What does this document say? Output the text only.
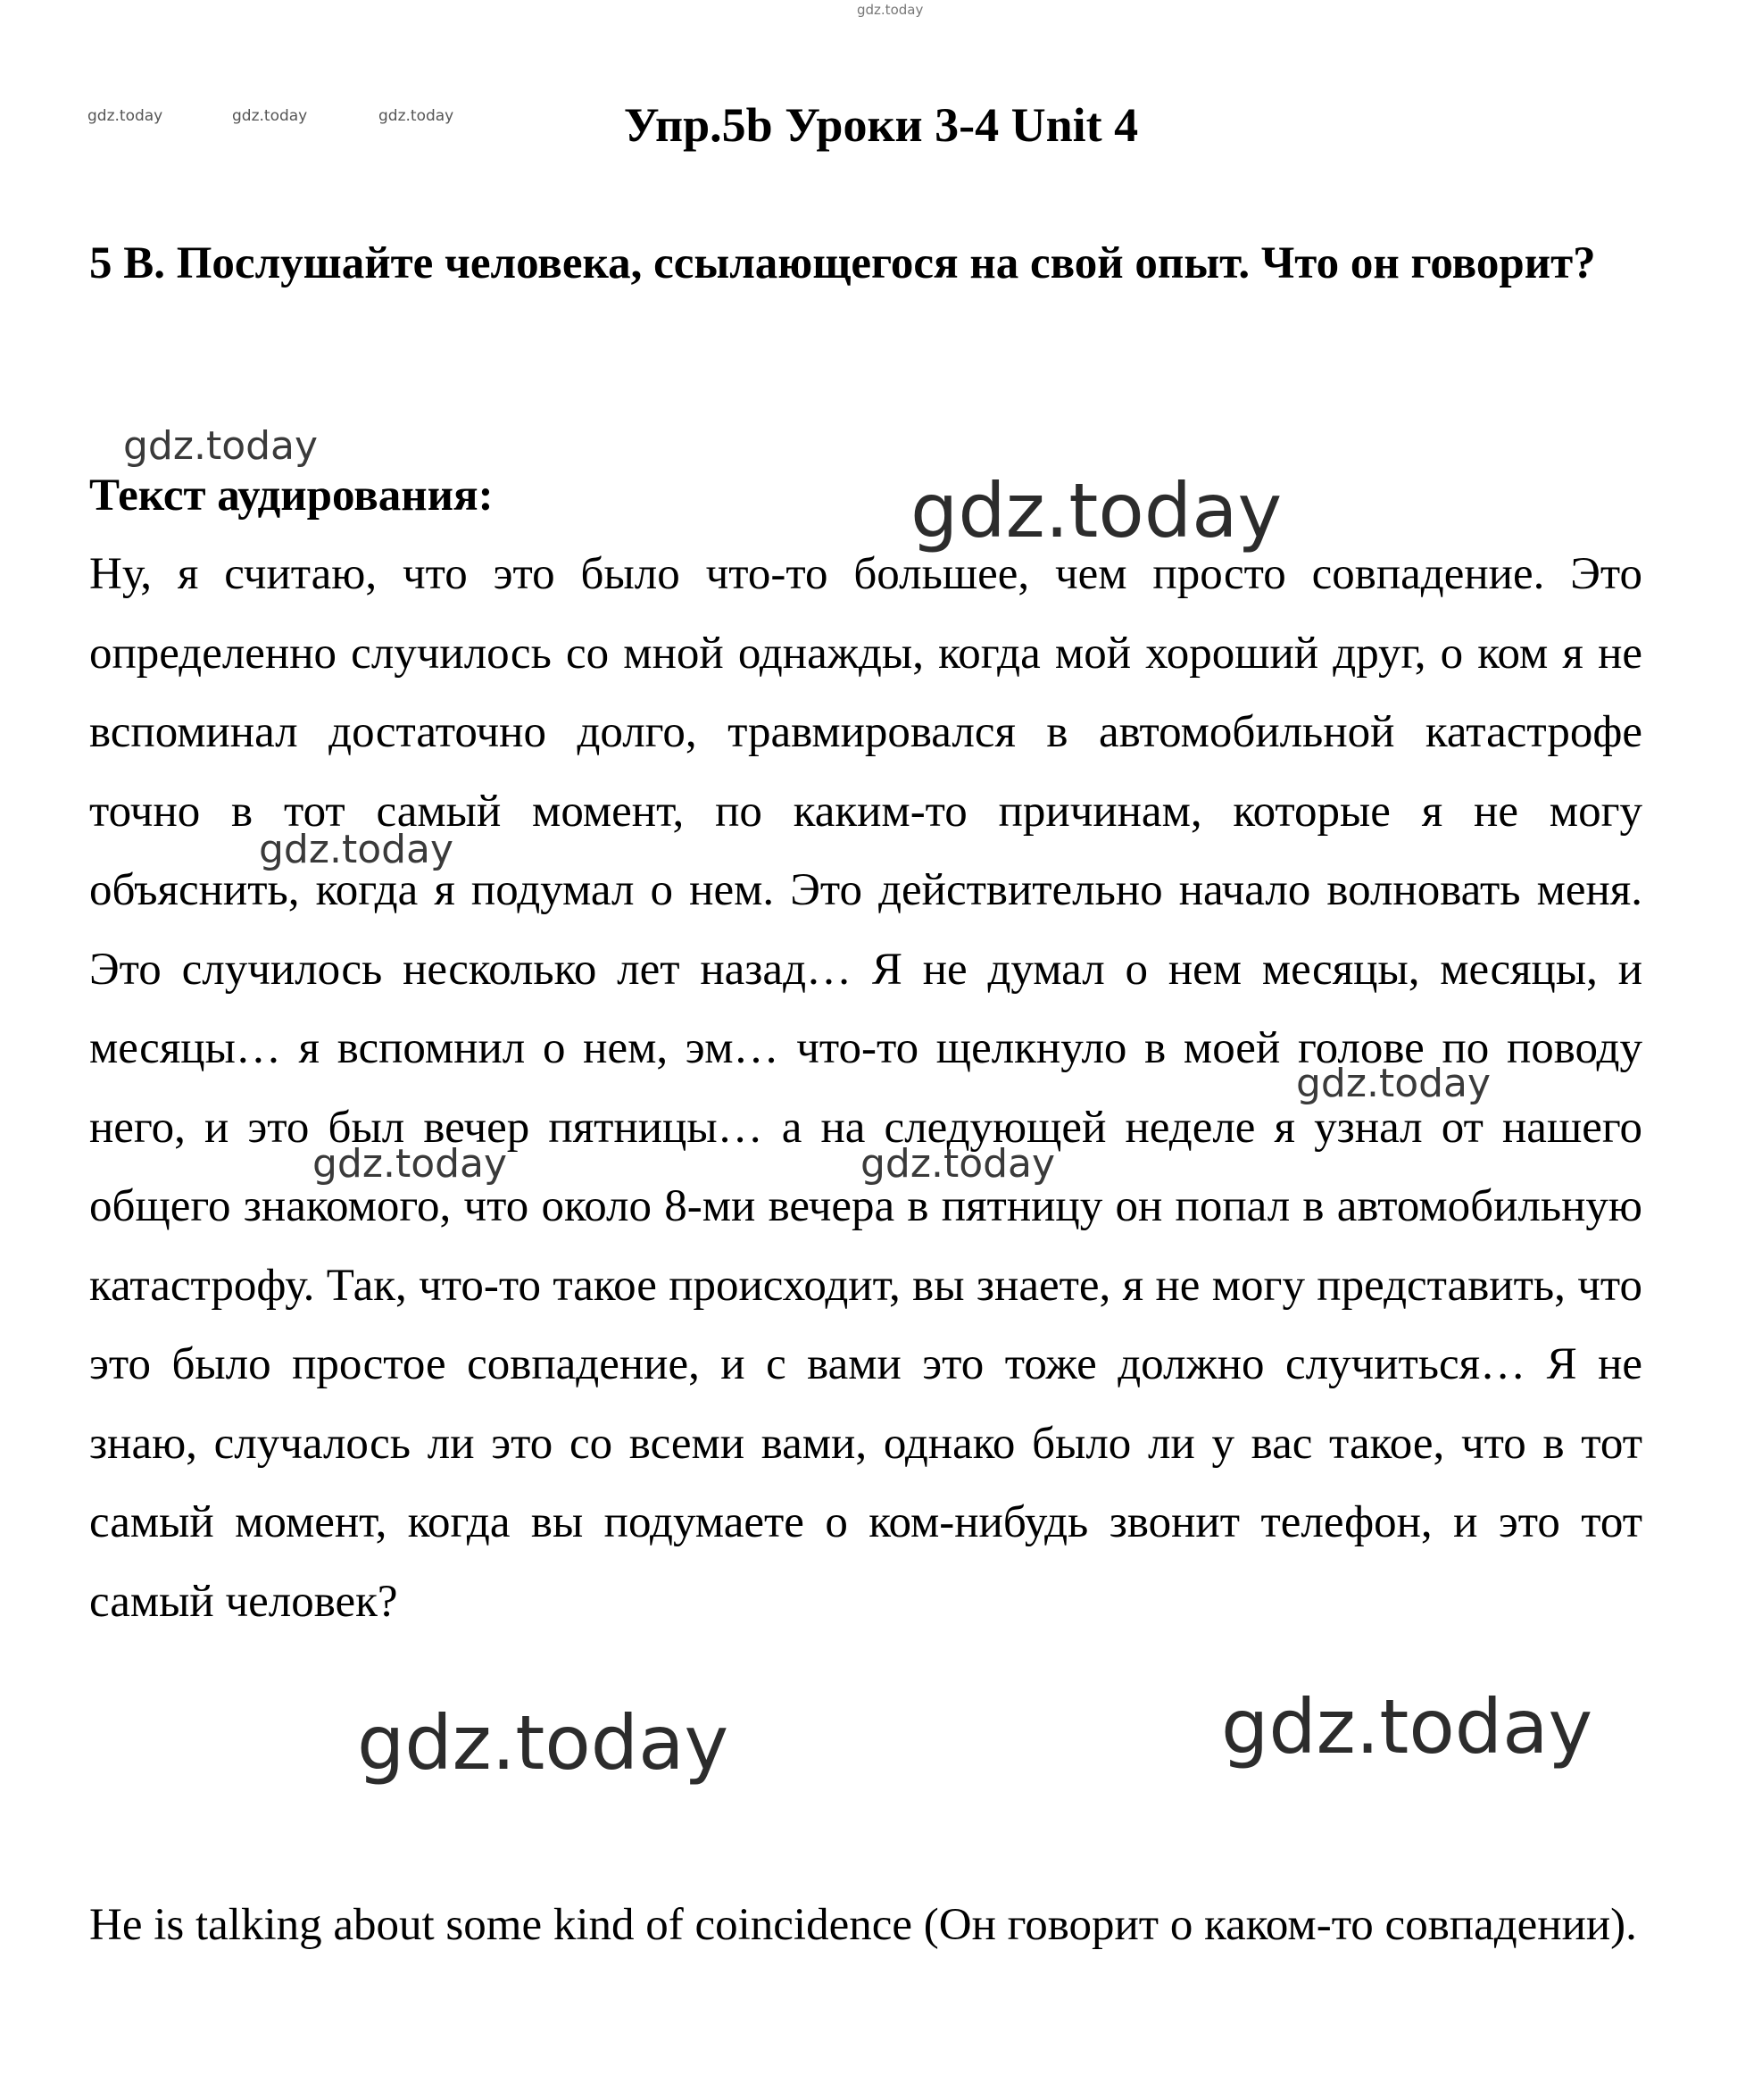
gdz.today
gdz.today	gdz.today	gdz.today	Упр.5b Уроки 3-4 Unit 4
5 В. Послушайте человека, ссылающегося на свой опыт. Что он говорит?
gdz.today
Текст аудирования:	gdz.today
Ну, я считаю, что это было что-то большее, чем просто совпадение. Это определенно случилось со мной однажды, когда мой хороший друг, о ком я не вспоминал достаточно долго, травмировался в автомобильной катастрофе точно в тот самый момент, по каким-то причинам, которые я не могу объяснить, когда я подумал о нем. Это действительно начало волновать меня. Это случилось несколько лет назад… Я не думал о нем месяцы, месяцы, и месяцы… я вспомнил о нем, эм… что-то щелкнуло в моей голове по поводу него, и это был вечер пятницы… а на следующей неделе я узнал от нашего общего знакомого, что около 8-ми вечера в пятницу он попал в автомобильную катастрофу. Так, что-то такое происходит, вы знаете, я не могу представить, что это было простое совпадение, и с вами это тоже должно случиться… Я не знаю, случалось ли это со всеми вами, однако было ли у вас такое, что в тот самый момент, когда вы подумаете о ком-нибудь звонит телефон, и это тот самый человек?
gdz.today
gdz.today
gdz.today	gdz.today
gdz.today	gdz.today
He is talking about some kind of coincidence (Он говорит о каком-то совпадении).
